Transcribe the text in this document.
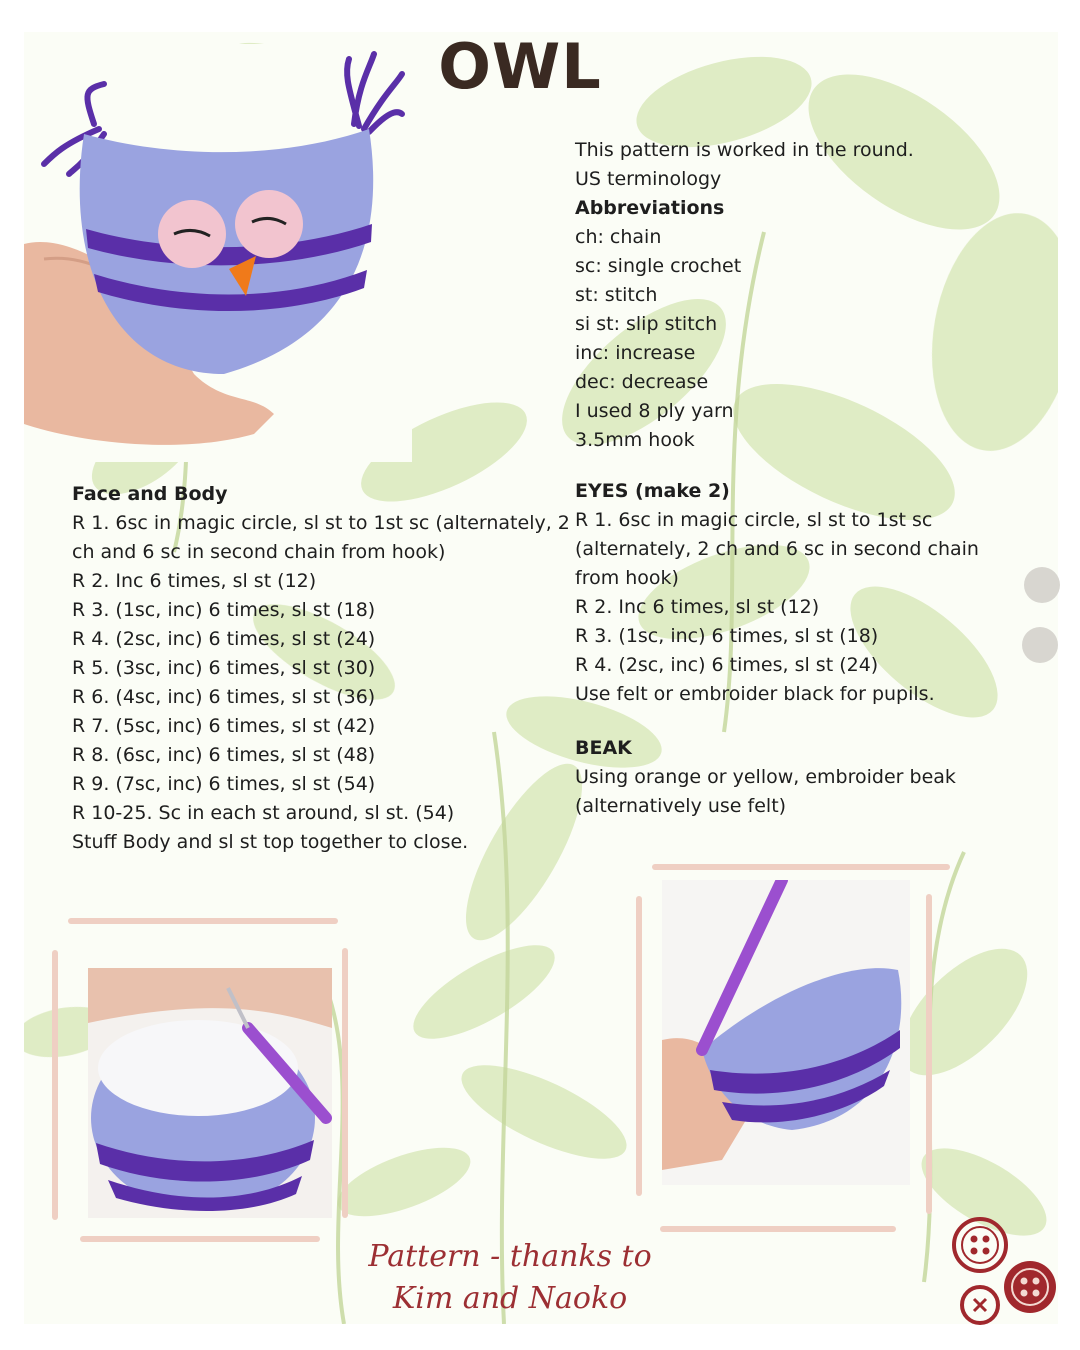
OWL
This pattern is worked in the round.
US terminology
Abbreviations
ch: chain
sc: single crochet
st: stitch
si st: slip stitch
inc: increase
dec: decrease
I used 8 ply yarn
3.5mm hook
Face and Body
R 1. 6sc in magic circle, sl st to 1st sc (alternately, 2
ch and 6 sc in second chain from hook)
R 2. Inc 6 times, sl st (12)
R 3. (1sc, inc) 6 times, sl st (18)
R 4. (2sc, inc) 6 times, sl st (24)
R 5. (3sc, inc) 6 times, sl st (30)
R 6. (4sc, inc) 6 times, sl st (36)
R 7. (5sc, inc) 6 times, sl st (42)
R 8. (6sc, inc) 6 times, sl st (48)
R 9. (7sc, inc) 6 times, sl st (54)
R 10-25. Sc in each st around, sl st. (54)
Stuff Body and sl st top together to close.
EYES (make 2)
R 1. 6sc in magic circle, sl st to 1st sc
(alternately, 2 ch and 6 sc in second chain
from hook)
R 2. Inc 6 times, sl st (12)
R 3. (1sc, inc) 6 times, sl st (18)
R 4. (2sc, inc) 6 times, sl st (24)
Use felt or embroider black for pupils.
BEAK
Using orange or yellow, embroider beak
(alternatively use felt)
Pattern - thanks to
Kim and Naoko
